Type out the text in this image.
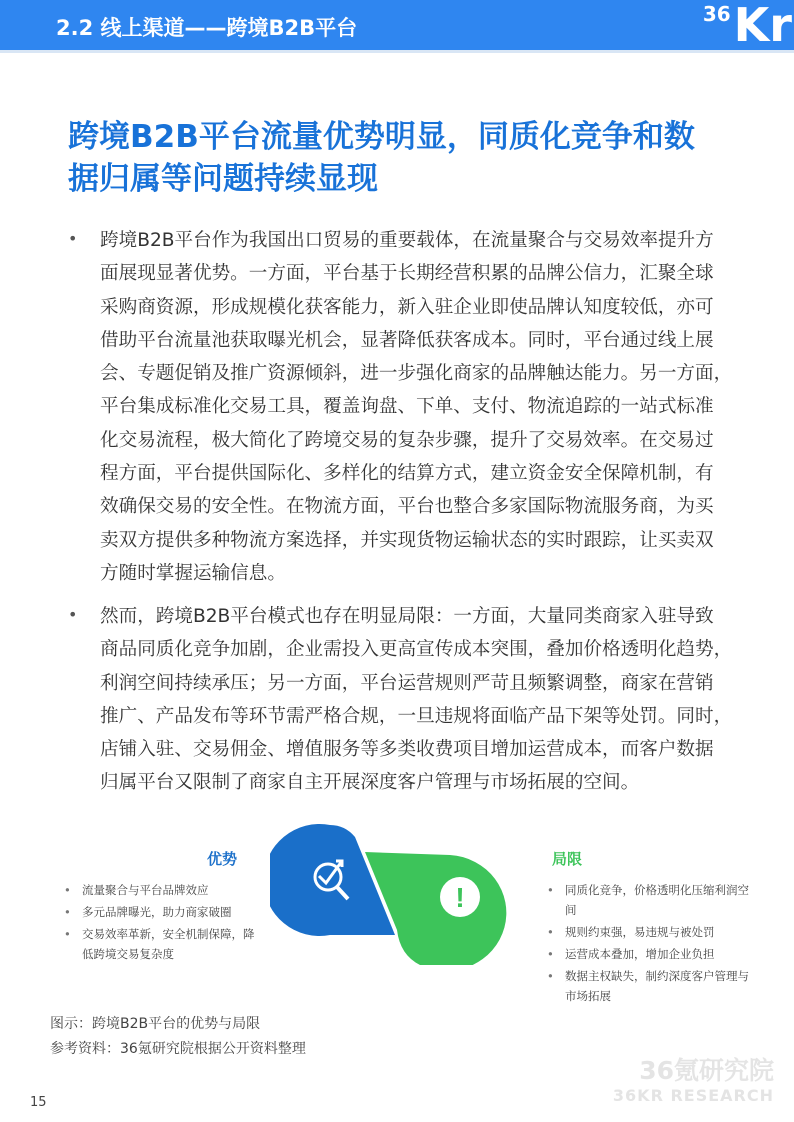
2.2 线上渠道——跨境B2B平台
36 Kr
跨境B2B平台流量优势明显，同质化竞争和数
据归属等问题持续显现
• 跨境B2B平台作为我国出口贸易的重要载体，在流量聚合与交易效率提升方
面展现显著优势。一方面，平台基于长期经营积累的品牌公信力，汇聚全球
采购商资源，形成规模化获客能力，新入驻企业即使品牌认知度较低，亦可
借助平台流量池获取曝光机会，显著降低获客成本。同时，平台通过线上展
会、专题促销及推广资源倾斜，进一步强化商家的品牌触达能力。另一方面，
平台集成标准化交易工具，覆盖询盘、下单、支付、物流追踪的一站式标准
化交易流程，极大简化了跨境交易的复杂步骤，提升了交易效率。在交易过
程方面，平台提供国际化、多样化的结算方式，建立资金安全保障机制，有
效确保交易的安全性。在物流方面，平台也整合多家国际物流服务商，为买
卖双方提供多种物流方案选择，并实现货物运输状态的实时跟踪，让买卖双
方随时掌握运输信息。
• 然而，跨境B2B平台模式也存在明显局限：一方面，大量同类商家入驻导致
商品同质化竞争加剧，企业需投入更高宣传成本突围，叠加价格透明化趋势，
利润空间持续承压；另一方面，平台运营规则严苛且频繁调整，商家在营销
推广、产品发布等环节需严格合规，一旦违规将面临产品下架等处罚。同时，
店铺入驻、交易佣金、增值服务等多类收费项目增加运营成本，而客户数据
归属平台又限制了商家自主开展深度客户管理与市场拓展的空间。
优势
• 流量聚合与平台品牌效应
• 多元品牌曝光，助力商家破圈
• 交易效率革新，安全机制保障，降低跨境交易复杂度
!
局限
• 同质化竞争，价格透明化压缩利润空间
• 规则约束强，易违规与被处罚
• 运营成本叠加，增加企业负担
• 数据主权缺失，制约深度客户管理与市场拓展
图示：跨境B2B平台的优势与局限
参考资料：36氪研究院根据公开资料整理
36氪研究院
36KR RESEARCH
15
